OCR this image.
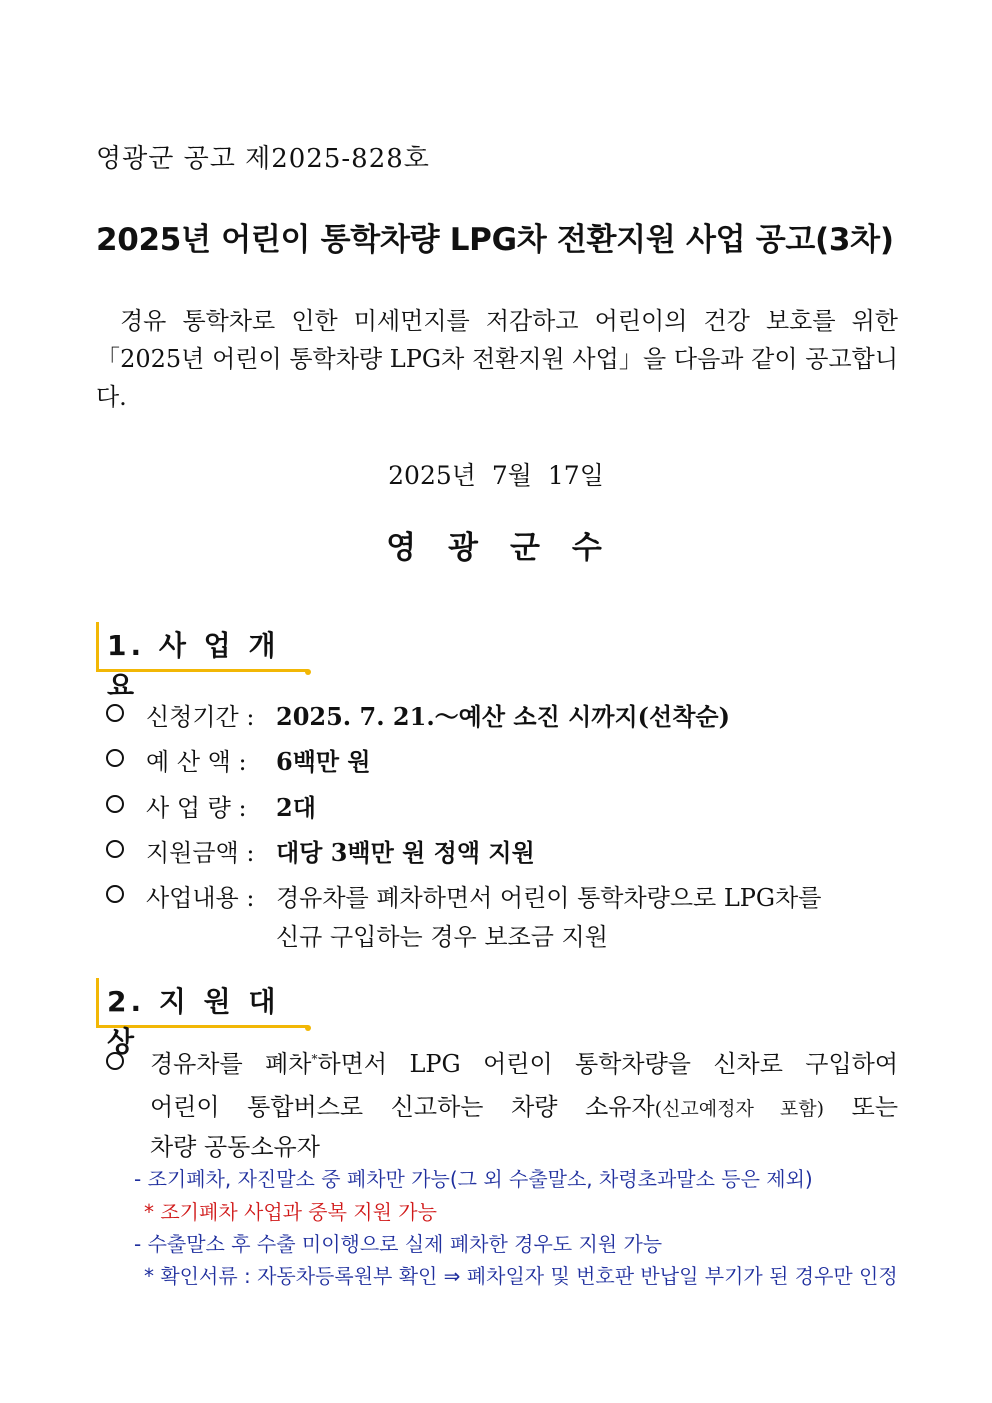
영광군 공고 제2025-828호
2025년 어린이 통학차량 LPG차 전환지원 사업 공고(3차)
경유 통학차로 인한 미세먼지를 저감하고 어린이의 건강 보호를 위한 「2025년 어린이 통학차량 LPG차 전환지원 사업」을 다음과 같이 공고합니다.
2025년 7월 17일
영광군수
1. 사 업 개 요
신청기간 : 2025. 7. 21.～예산 소진 시까지(선착순)
예 산 액 :	6백만 원
사 업 량 :	2대
지원금액 : 대당 3백만 원 정액 지원
사업내용 : 경유차를 폐차하면서 어린이 통학차량으로 LPG차를
신규 구입하는 경우 보조금 지원
2. 지 원 대 상
경유차를 폐차*하면서 LPG 어린이 통학차량을 신차로 구입하여
어린이 통합버스로 신고하는 차량 소유자(신고예정자 포함) 또는
차량 공동소유자
- 조기폐차, 자진말소 중 폐차만 가능(그 외 수출말소, 차령초과말소 등은 제외)
* 조기폐차 사업과 중복 지원 가능
- 수출말소 후 수출 미이행으로 실제 폐차한 경우도 지원 가능
* 확인서류 : 자동차등록원부 확인 ⇒ 폐차일자 및 번호판 반납일 부기가 된 경우만 인정
